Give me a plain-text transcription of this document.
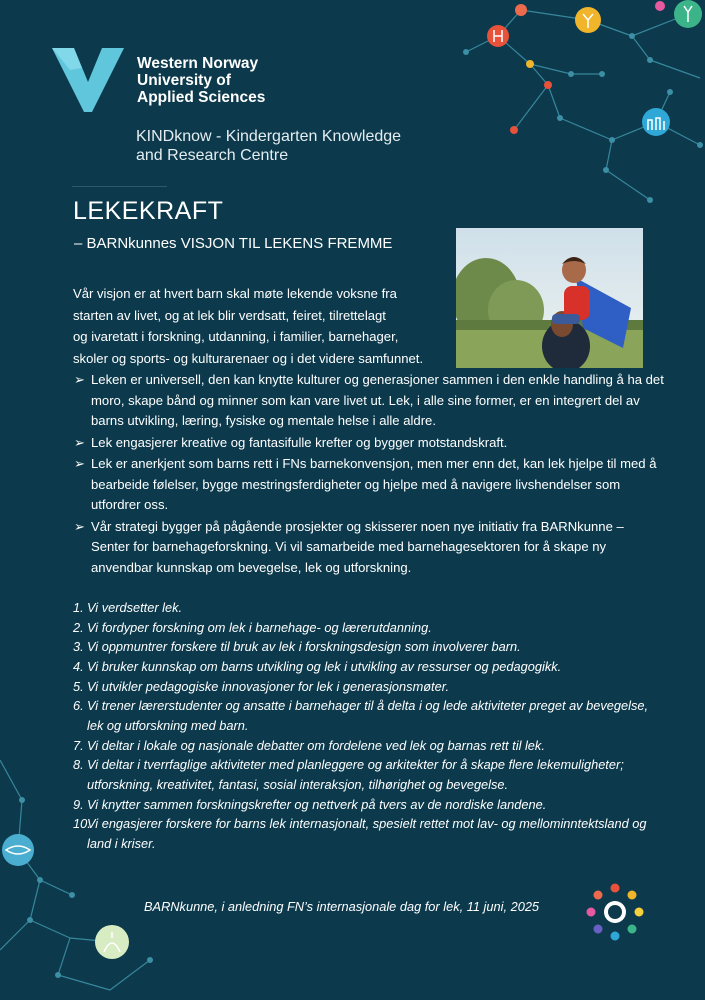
Western Norway
University of
Applied Sciences
KINDknow - Kindergarten Knowledge
and Research Centre
LEKEKRAFT
– BARNkunnes VISJON TIL LEKENS FREMME
Vår visjon er at hvert barn skal møte lekende voksne fra
starten av livet, og at lek blir verdsatt, feiret, tilrettelagt
og ivaretatt i forskning, utdanning, i familier, barnehager,
skoler og sports- og kulturarenaer og i det videre samfunnet.
➢ Leken er universell, den kan knytte kulturer og generasjoner sammen i den enkle handling å ha det moro, skape bånd og minner som kan vare livet ut. Lek, i alle sine former, er en integrert del av barns utvikling, læring, fysiske og mentale helse i alle aldre.
➢ Lek engasjerer kreative og fantasifulle krefter og bygger motstandskraft.
➢ Lek er anerkjent som barns rett i FNs barnekonvensjon, men mer enn det, kan lek hjelpe til med å bearbeide følelser, bygge mestringsferdigheter og hjelpe med å navigere livshendelser som utfordrer oss.
➢ Vår strategi bygger på pågående prosjekter og skisserer noen nye initiativ fra BARNkunne – Senter for barnehageforskning. Vi vil samarbeide med barnehagesektoren for å skape ny anvendbar kunnskap om bevegelse, lek og utforskning.
1. Vi verdsetter lek.
2. Vi fordyper forskning om lek i barnehage- og lærerutdanning.
3. Vi oppmuntrer forskere til bruk av lek i forskningsdesign som involverer barn.
4. Vi bruker kunnskap om barns utvikling og lek i utvikling av ressurser og pedagogikk.
5. Vi utvikler pedagogiske innovasjoner for lek i generasjonsmøter.
6. Vi trener lærerstudenter og ansatte i barnehager til å delta i og lede aktiviteter preget av bevegelse, lek og utforskning med barn.
7. Vi deltar i lokale og nasjonale debatter om fordelene ved lek og barnas rett til lek.
8. Vi deltar i tverrfaglige aktiviteter med planleggere og arkitekter for å skape flere lekemuligheter; utforskning, kreativitet, fantasi, sosial interaksjon, tilhørighet og bevegelse.
9. Vi knytter sammen forskningskrefter og nettverk på tvers av de nordiske landene.
10.
Vi engasjerer forskere for barns lek internasjonalt, spesielt rettet mot lav- og mellominntektsland og land i kriser.
BARNkunne, i anledning FN’s internasjonale dag for lek, 11 juni, 2025
